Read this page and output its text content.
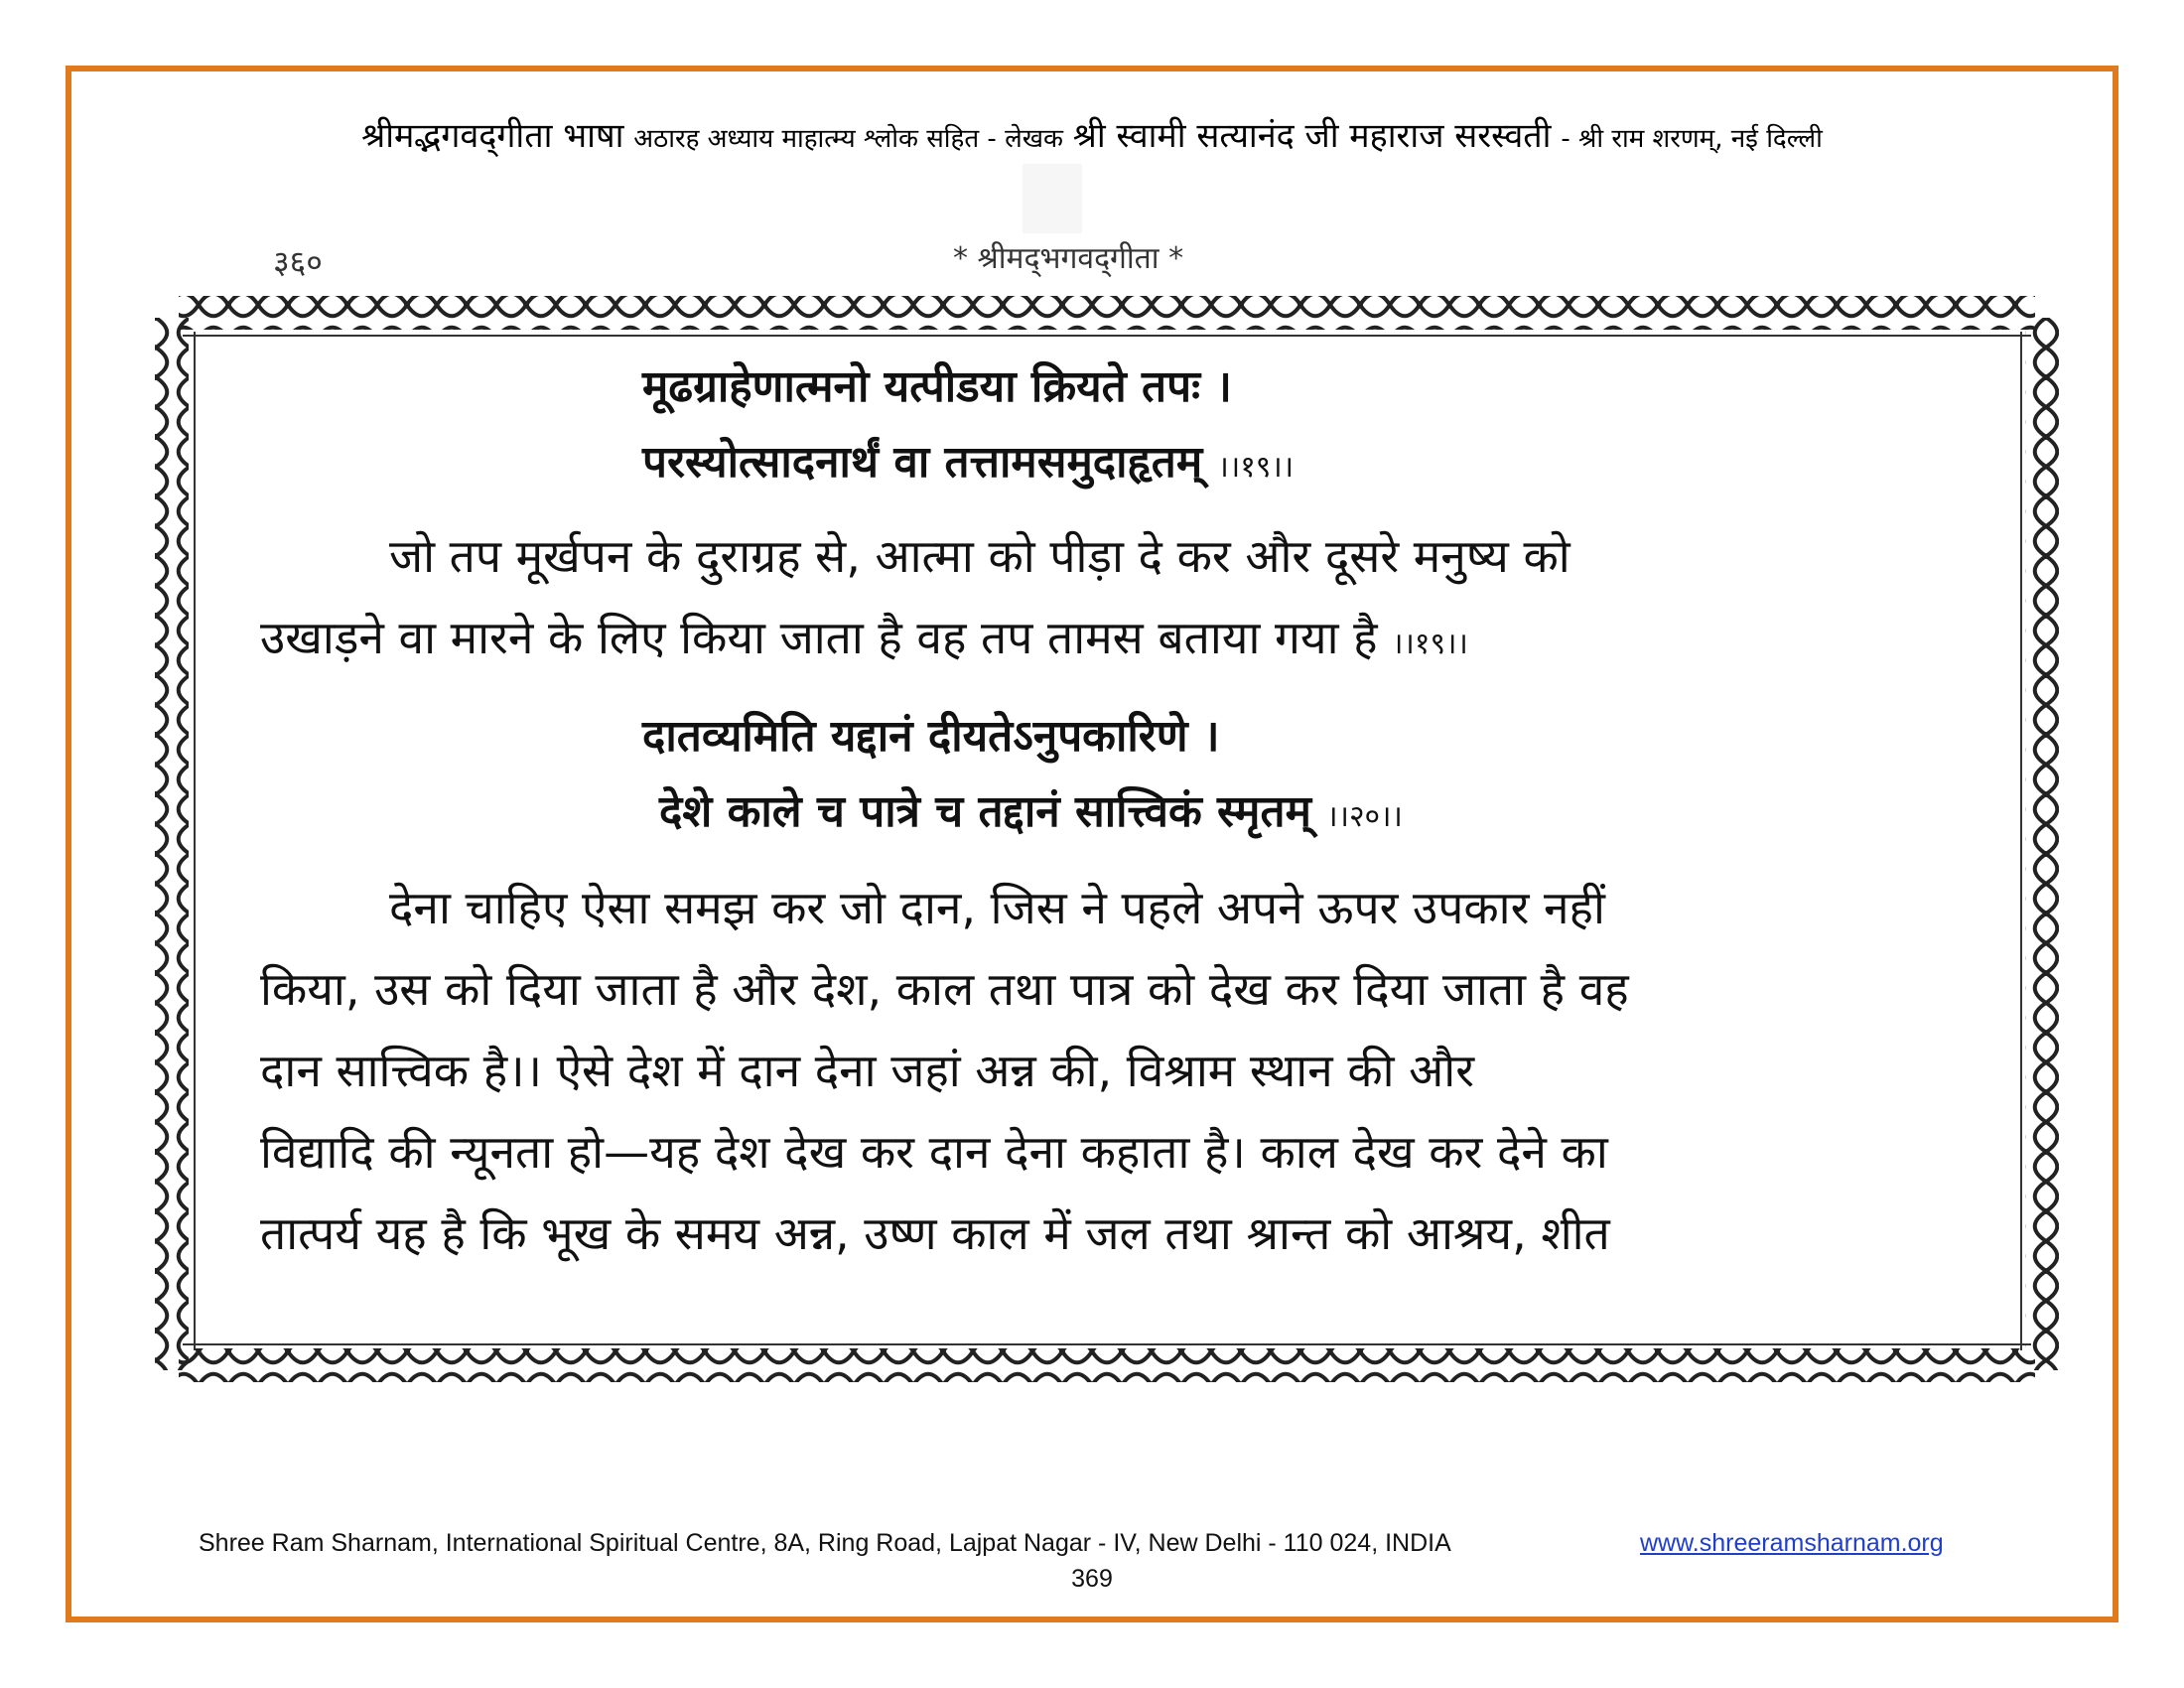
श्रीमद्भगवद्‌गीता भाषा अठारह अध्याय माहात्म्य श्लोक सहित - लेखक श्री स्वामी सत्यानंद जी महाराज सरस्वती - श्री राम शरणम्, नई दिल्ली
३६०	* श्रीमद्‌भगवद्‌गीता *
मूढग्राहेणात्मनो यत्पीडया क्रियते तपः ।
परस्योत्सादनार्थं वा तत्तामसमुदाहृतम् ।।१९।।
जो तप मूर्खपन के दुराग्रह से, आत्मा को पीड़ा दे कर और दूसरे मनुष्य को
उखाड़ने वा मारने के लिए किया जाता है वह तप तामस बताया गया है ।।१९।।
दातव्यमिति यद्दानं दीयतेऽनुपकारिणे ।
देशे काले च पात्रे च तद्दानं सात्त्विकं स्मृतम् ।।२०।।
देना चाहिए ऐसा समझ कर जो दान, जिस ने पहले अपने ऊपर उपकार नहीं
किया, उस को दिया जाता है और देश, काल तथा पात्र को देख कर दिया जाता है वह
दान सात्त्विक है।। ऐसे देश में दान देना जहां अन्न की, विश्राम स्थान की और
विद्यादि की न्यूनता हो—यह देश देख कर दान देना कहाता है। काल देख कर देने का
तात्पर्य यह है कि भूख के समय अन्न, उष्ण काल में जल तथा श्रान्त को आश्रय, शीत
Shree Ram Sharnam, International Spiritual Centre, 8A, Ring Road, Lajpat Nagar - IV, New Delhi - 110 024, INDIA	www.shreeramsharnam.org
369
